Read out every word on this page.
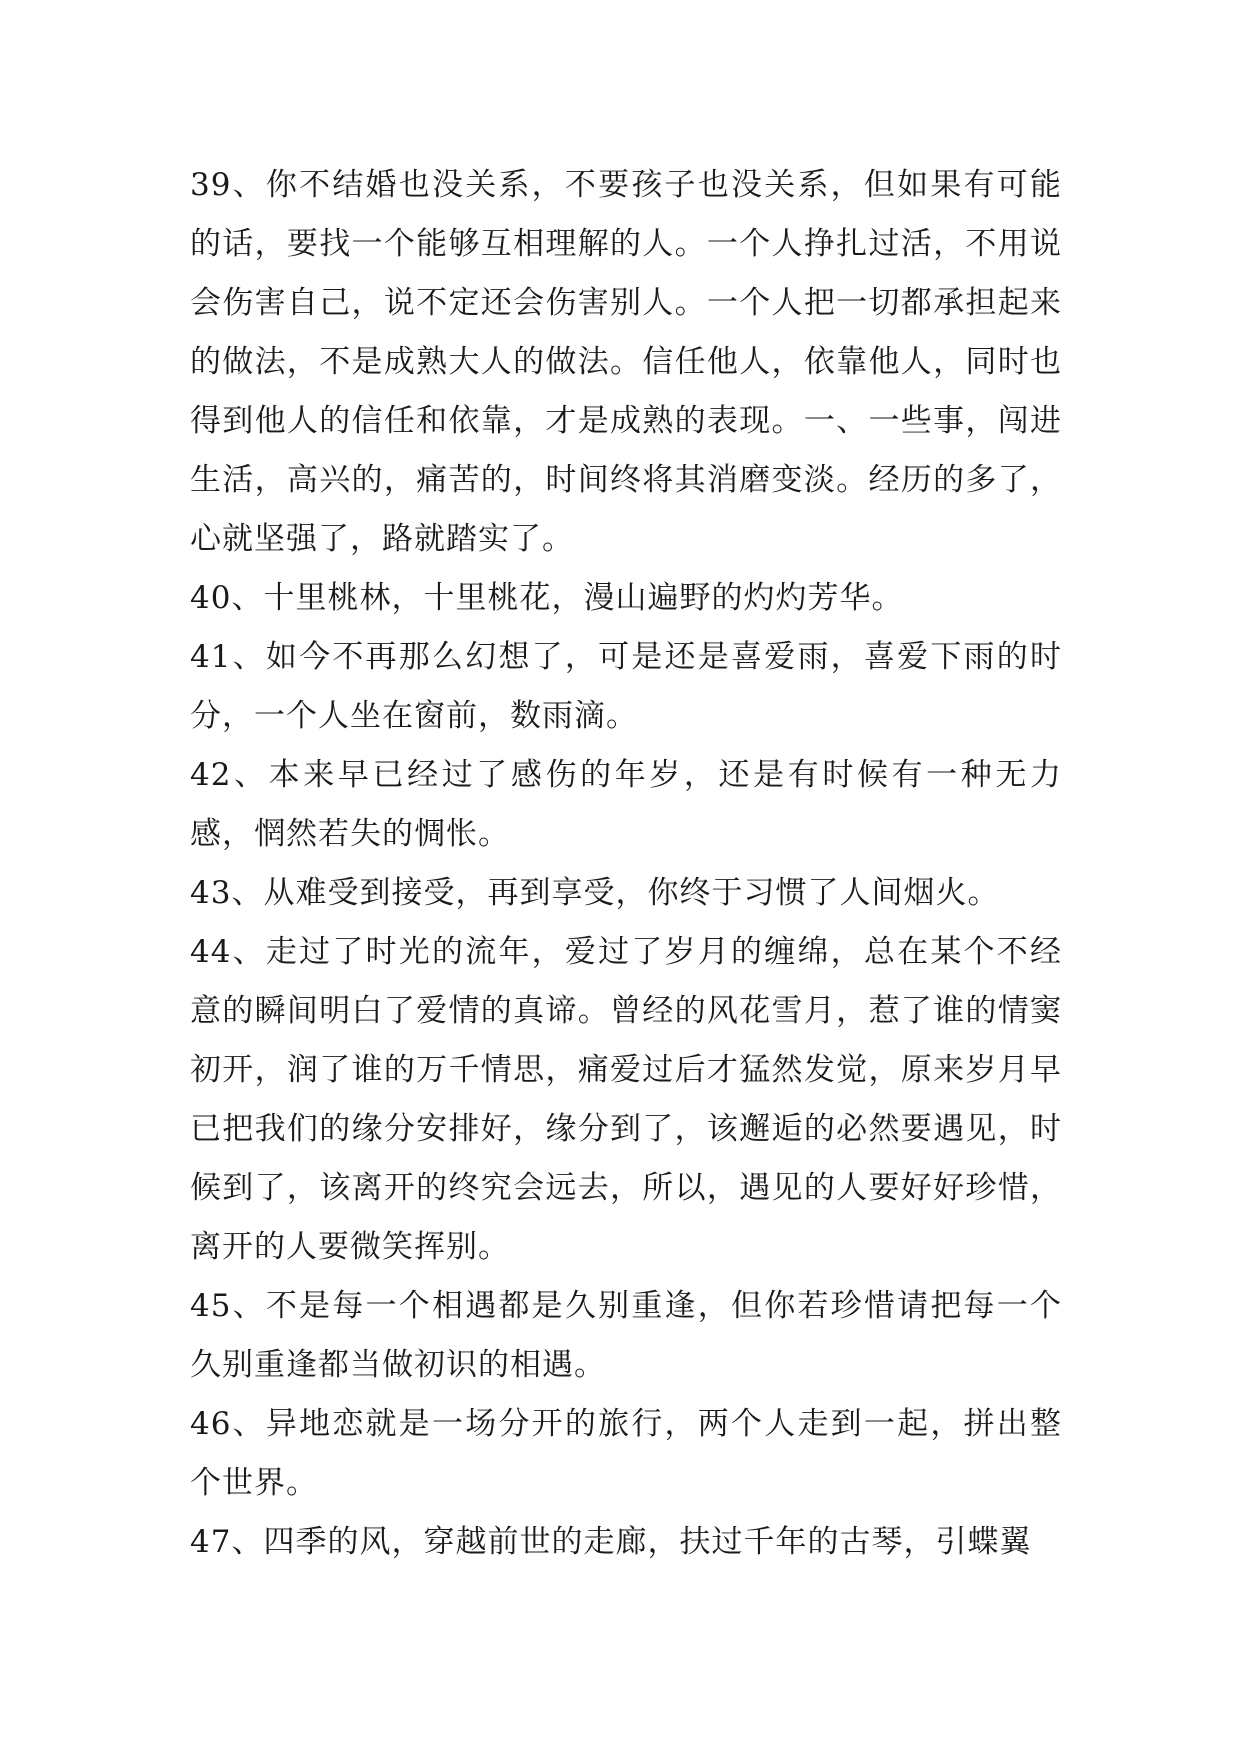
39、你不结婚也没关系，不要孩子也没关系，但如果有可能的话，要找一个能够互相理解的人。一个人挣扎过活，不用说会伤害自己，说不定还会伤害别人。一个人把一切都承担起来的做法，不是成熟大人的做法。信任他人，依靠他人，同时也得到他人的信任和依靠，才是成熟的表现。一、一些事，闯进生活，高兴的，痛苦的，时间终将其消磨变淡。经历的多了，心就坚强了，路就踏实了。

40、十里桃林，十里桃花，漫山遍野的灼灼芳华。

41、如今不再那么幻想了，可是还是喜爱雨，喜爱下雨的时分，一个人坐在窗前，数雨滴。

42、本来早已经过了感伤的年岁，还是有时候有一种无力感，惘然若失的惆怅。

43、从难受到接受，再到享受，你终于习惯了人间烟火。

44、走过了时光的流年，爱过了岁月的缠绵，总在某个不经意的瞬间明白了爱情的真谛。曾经的风花雪月，惹了谁的情窦初开，润了谁的万千情思，痛爱过后才猛然发觉，原来岁月早已把我们的缘分安排好，缘分到了，该邂逅的必然要遇见，时候到了，该离开的终究会远去，所以，遇见的人要好好珍惜，离开的人要微笑挥别。

45、不是每一个相遇都是久别重逢，但你若珍惜请把每一个久别重逢都当做初识的相遇。

46、异地恋就是一场分开的旅行，两个人走到一起，拼出整个世界。

47、四季的风，穿越前世的走廊，扶过千年的古琴，引蝶翼
